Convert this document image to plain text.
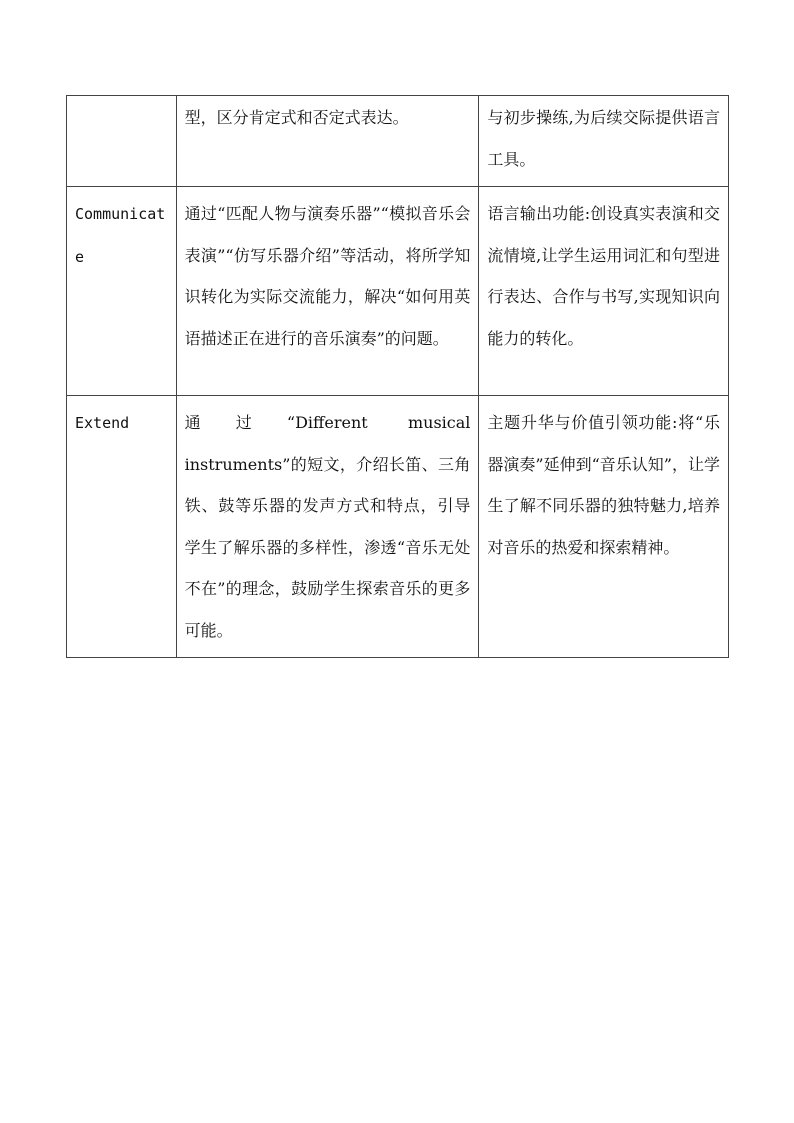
	型，区分肯定式和否定式表达。	与初步操练,为后续交际提供语言工具。

Communicate	通过“匹配人物与演奏乐器”“模拟音乐会表演”“仿写乐器介绍”等活动，将所学知识转化为实际交流能力，解决“如何用英语描述正在进行的音乐演奏”的问题。	语言输出功能:创设真实表演和交流情境,让学生运用词汇和句型进行表达、合作与书写,实现知识向能力的转化。

Extend	通过“Different musical instruments”的短文，介绍长笛、三角铁、鼓等乐器的发声方式和特点，引导学生了解乐器的多样性，渗透“音乐无处不在”的理念，鼓励学生探索音乐的更多可能。	主题升华与价值引领功能:将“乐器演奏”延伸到“音乐认知”，让学生了解不同乐器的独特魅力,培养对音乐的热爱和探索精神。
